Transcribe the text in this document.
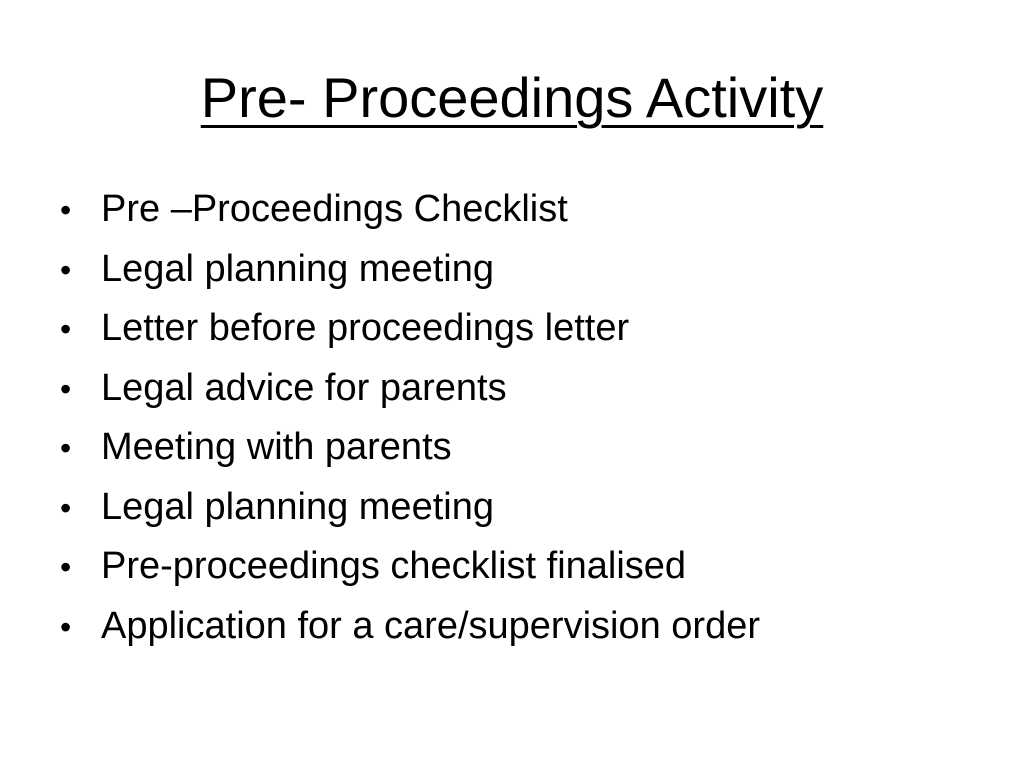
Pre- Proceedings Activity
• Pre –Proceedings Checklist
• Legal planning meeting
• Letter before proceedings letter
• Legal advice for parents
• Meeting with parents
• Legal planning meeting
• Pre-proceedings checklist finalised
• Application for a care/supervision order
